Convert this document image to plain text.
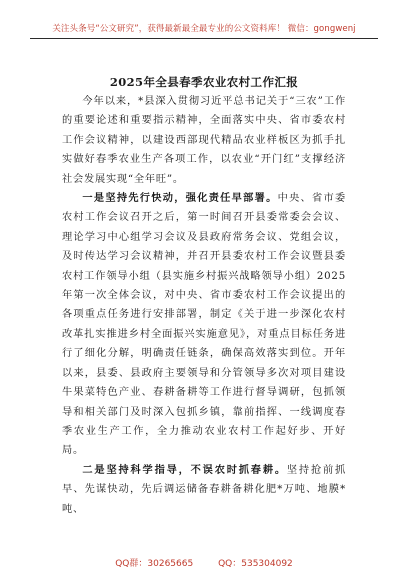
关注头条号“公文研究”，获得最新最全最专业的公文资料库！ 微信：gongwenj
2025年全县春季农业农村工作汇报

今年以来，*县深入贯彻习近平总书记关于“三农”工作的重要论述和重要指示精神，全面落实中央、省市委农村工作会议精神，以建设西部现代精品农业样板区为抓手扎实做好春季农业生产各项工作，以农业“开门红”支撑经济社会发展实现“全年旺”。

一是坚持先行快动，强化责任早部署。中央、省市委农村工作会议召开之后，第一时间召开县委常委会会议、理论学习中心组学习会议及县政府常务会议、党组会议，及时传达学习会议精神，并召开县委农村工作会议暨县委农村工作领导小组（县实施乡村振兴战略领导小组）2025年第一次全体会议，对中央、省市委农村工作会议提出的各项重点任务进行安排部署，制定《关于进一步深化农村改革扎实推进乡村全面振兴实施意见》，对重点目标任务进行了细化分解，明确责任链条，确保高效落实到位。开年以来，县委、县政府主要领导和分管领导多次对项目建设牛果菜特色产业、春耕备耕等工作进行督导调研，包抓领导和相关部门及时深入包抓乡镇，靠前指挥、一线调度春季农业生产工作，全力推动农业农村工作起好步、开好局。

二是坚持科学指导，不误农时抓春耕。坚持抢前抓早、先谋快动，先后调运储备春耕备耕化肥*万吨、地膜*吨、

QQ群：30265665	QQ：535304092
